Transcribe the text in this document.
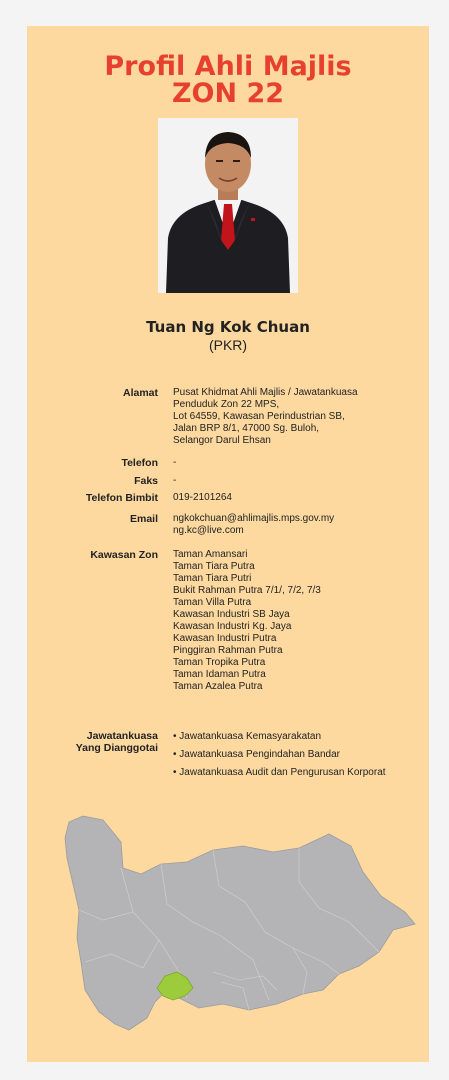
Profil Ahli Majlis
ZON 22
Tuan Ng Kok Chuan
(PKR)
Alamat Pusat Khidmat Ahli Majlis / Jawatankuasa
Penduduk Zon 22 MPS,
Lot 64559, Kawasan Perindustrian SB,
Jalan BRP 8/1, 47000 Sg. Buloh,
Selangor Darul Ehsan
Telefon -
Faks -
Telefon Bimbit 019-2101264
Email ngkokchuan@ahlimajlis.mps.gov.my
ng.kc@live.com
Kawasan Zon Taman Amansari
Taman Tiara Putra
Taman Tiara Putri
Bukit Rahman Putra 7/1/, 7/2, 7/3
Taman Villa Putra
Kawasan Industri SB Jaya
Kawasan Industri Kg. Jaya
Kawasan Industri Putra
Pinggiran Rahman Putra
Taman Tropika Putra
Taman Idaman Putra
Taman Azalea Putra
Jawatankuasa
Yang Dianggotai
• Jawatankuasa Kemasyarakatan
• Jawatankuasa Pengindahan Bandar
• Jawatankuasa Audit dan Pengurusan Korporat
